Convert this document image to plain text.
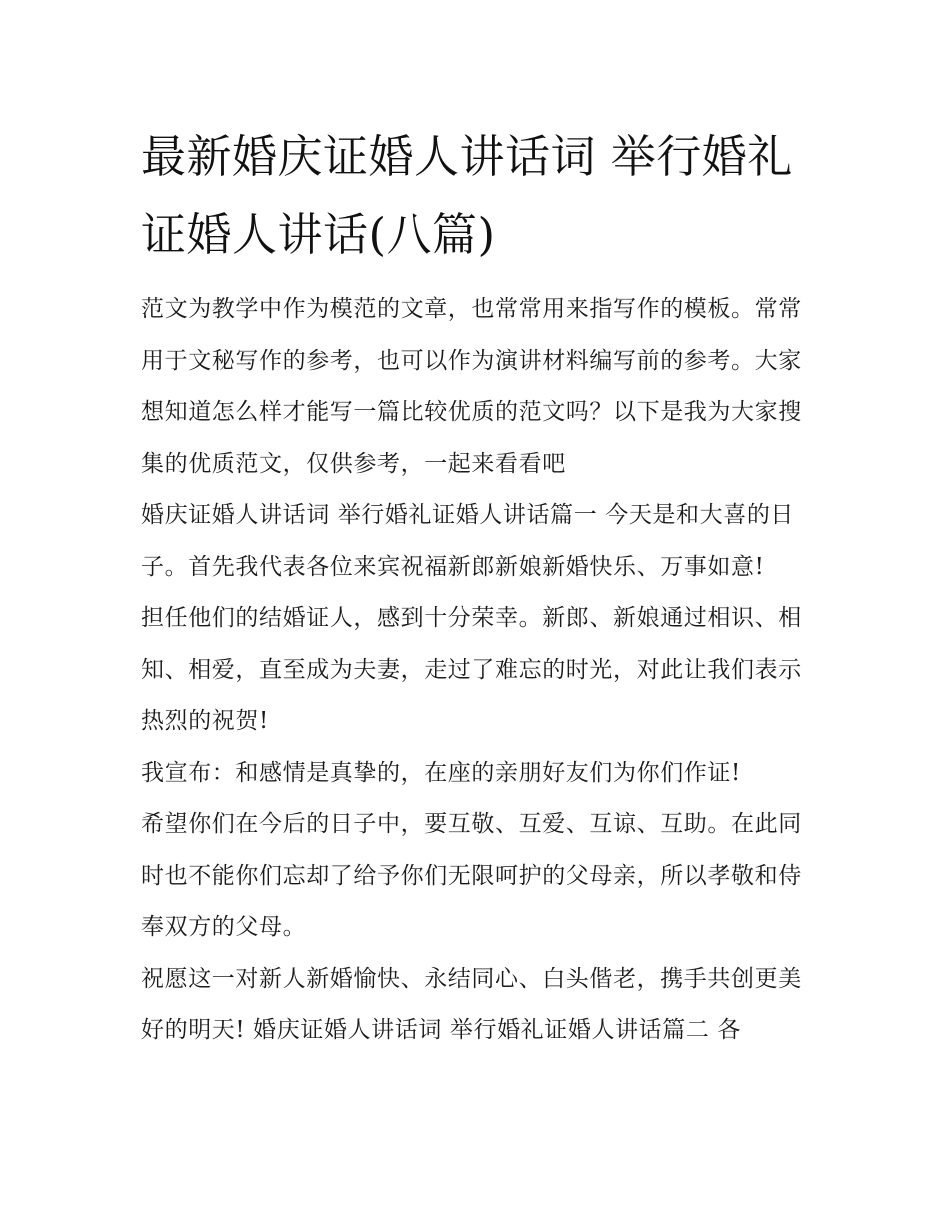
最新婚庆证婚人讲话词 举行婚礼证婚人讲话(八篇)

范文为教学中作为模范的文章，也常常用来指写作的模板。常常用于文秘写作的参考，也可以作为演讲材料编写前的参考。大家想知道怎么样才能写一篇比较优质的范文吗？以下是我为大家搜集的优质范文，仅供参考，一起来看看吧

婚庆证婚人讲话词 举行婚礼证婚人讲话篇一 今天是和大喜的日子。首先我代表各位来宾祝福新郎新娘新婚快乐、万事如意!

担任他们的结婚证人，感到十分荣幸。新郎、新娘通过相识、相知、相爱，直至成为夫妻，走过了难忘的时光，对此让我们表示热烈的祝贺!

我宣布：和感情是真挚的，在座的亲朋好友们为你们作证!

希望你们在今后的日子中，要互敬、互爱、互谅、互助。在此同时也不能你们忘却了给予你们无限呵护的父母亲，所以孝敬和侍奉双方的父母。

祝愿这一对新人新婚愉快、永结同心、白头偕老，携手共创更美好的明天! 婚庆证婚人讲话词 举行婚礼证婚人讲话篇二 各
